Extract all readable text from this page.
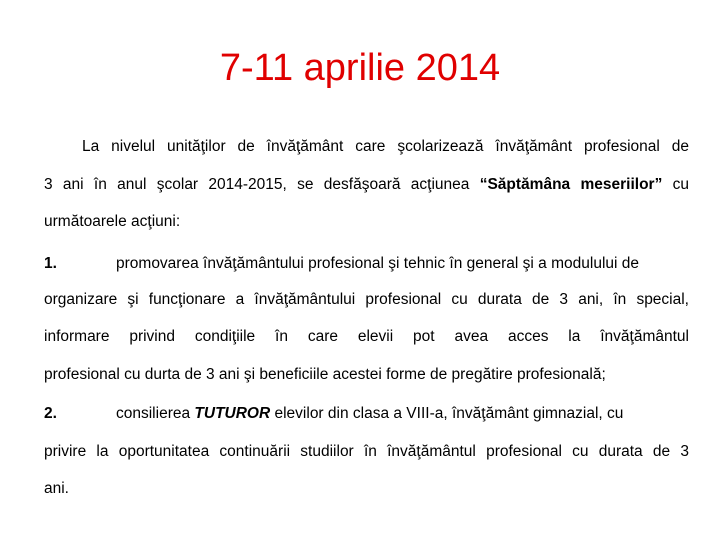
7-11 aprilie 2014
La nivelul unităţilor de învăţământ care şcolarizează învăţământ profesional de
3 ani în anul şcolar 2014-2015, se desfăşoară acţiunea “Săptămâna meseriilor” cu
următoarele acţiuni:
1.	promovarea învăţământului profesional şi tehnic în general şi a modulului de
organizare şi funcţionare a învăţământului profesional cu durata de 3 ani, în special,
informare privind condiţiile în care elevii pot avea acces la învăţământul
profesional cu durta de 3 ani şi beneficiile acestei forme de pregătire profesională;
2.	consilierea TUTUROR elevilor din clasa a VIII-a, învăţământ gimnazial, cu
privire la oportunitatea continuării studiilor în învăţământul profesional cu durata de 3
ani.
